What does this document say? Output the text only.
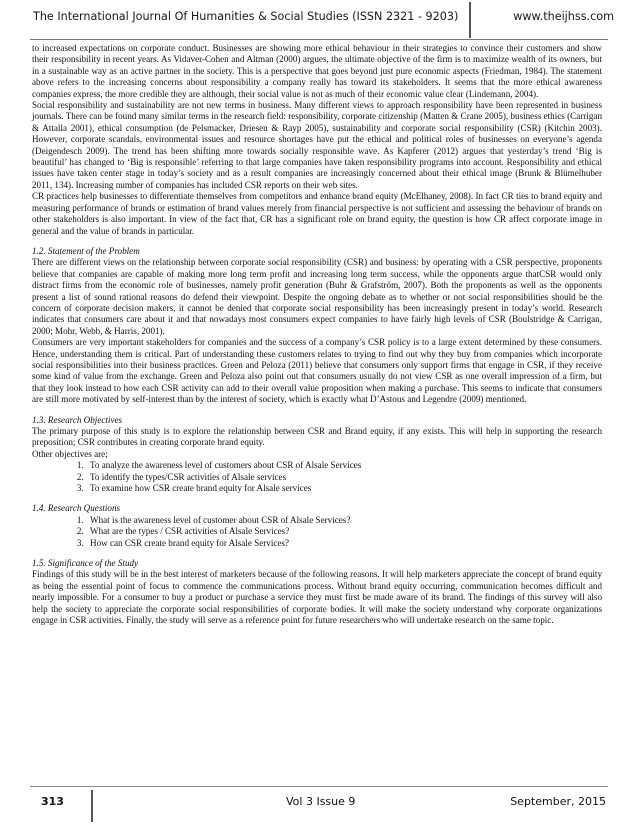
The International Journal Of Humanities & Social Studies (ISSN 2321 - 9203)	www.theijhss.com

to increased expectations on corporate conduct. Businesses are showing more ethical behaviour in their strategies to convince their customers and show their responsibility in recent years. As Vidaver-Cohen and Altman (2000) argues, the ultimate objective of the firm is to maximize wealth of its owners, but in a sustainable way as an active partner in the society. This is a perspective that goes beyond just pure economic aspects (Friedman, 1984). The statement above refers to the increasing concerns about responsibility a company really has toward its stakeholders. It seems that the more ethical awareness companies express, the more credible they are although, their social value is not as much of their economic value clear (Lindemann, 2004).

Social responsibility and sustainability are not new terms in business. Many different views to approach responsibility have been represented in business journals. There can be found many similar terms in the research field: responsibility, corporate citizenship (Matten & Crane 2005), business ethics (Carrigan & Attalla 2001), ethical consumption (de Pelsmacker, Driesen & Rayp 2005), sustainability and corporate social responsibility (CSR) (Kitchin 2003). However, corporate scandals, environmental issues and resource shortages have put the ethical and political roles of businesses on everyone’s agenda (Deigendesch 2009). The trend has been shifting more towards socially responsible wave. As Kapferer (2012) argues that yesterday’s trend ‘Big is beautiful’ has changed to ‘Big is responsible’ referring to that large companies have taken responsibility programs into account. Responsibility and ethical issues have taken center stage in today’s society and as a result companies are increasingly concerned about their ethical image (Brunk & Blümelhuber 2011, 134). Increasing number of companies has included CSR reports on their web sites.

CR practices help businesses to differentiate themselves from competitors and enhance brand equity (McElhaney, 2008). In fact CR ties to brand equity and measuring performance of brands or estimation of brand values merely from financial perspective is not sufficient and assessing the behaviour of brands on other stakeholders is also important. In view of the fact that, CR has a significant role on brand equity, the question is how CR affect corporate image in general and the value of brands in particular.

1.2. Statement of the Problem

There are different views on the relationship between corporate social responsibility (CSR) and business: by operating with a CSR perspective, proponents believe that companies are capable of making more long term profit and increasing long term success, while the opponents argue thatCSR would only distract firms from the economic role of businesses, namely profit generation (Buhr & Grafström, 2007). Both the proponents as well as the opponents present a list of sound rational reasons do defend their viewpoint. Despite the ongoing debate as to whether or not social responsibilities should be the concern of corporate decision makers, it cannot be denied that corporate social responsibility has been increasingly present in today’s world. Research indicates that consumers care about it and that nowadays most consumers expect companies to have fairly high levels of CSR (Boulstridge & Carrigan, 2000; Mohr, Webb, & Harris, 2001).

Consumers are very important stakeholders for companies and the success of a company’s CSR policy is to a large extent determined by these consumers. Hence, understanding them is critical. Part of understanding these customers relates to trying to find out why they buy from companies which incorporate social responsibilities into their business practices. Green and Peloza (2011) believe that consumers only support firms that engage in CSR, if they receive some kind of value from the exchange. Green and Peloza also point out that consumers usually do not view CSR as one overall impression of a firm, but that they look instead to how each CSR activity can add to their overall value proposition when making a purchase. This seems to indicate that consumers are still more motivated by self-interest than by the interest of society, which is exactly what D’Astous and Legendre (2009) mentioned.

1.3. Research Objectives

The primary purpose of this study is to explore the relationship between CSR and Brand equity, if any exists. This will help in supporting the research preposition; CSR contributes in creating corporate brand equity.

Other objectives are;

1. To analyze the awareness level of customers about CSR of Alsale Services
2. To identify the types/CSR activities of Alsale services
3. To examine how CSR create brand equity for Alsale services

1.4. Research Questions

1. What is the awareness level of customer about CSR of Alsale Services?
2. What are the types / CSR activities of Alsale Services?
3. How can CSR create brand equity for Alsale Services?

1.5. Significance of the Study

Findings of this study will be in the best interest of marketers because of the following reasons. It will help marketers appreciate the concept of brand equity as being the essential point of focus to commence the communications process. Without brand equity occurring, communication becomes difficult and nearly impossible. For a consumer to buy a product or purchase a service they must first be made aware of its brand. The findings of this survey will also help the society to appreciate the corporate social responsibilities of corporate bodies. It will make the society understand why corporate organizations engage in CSR activities. Finally, the study will serve as a reference point for future researchers who will undertake research on the same topic.

313	Vol 3 Issue 9	September, 2015
